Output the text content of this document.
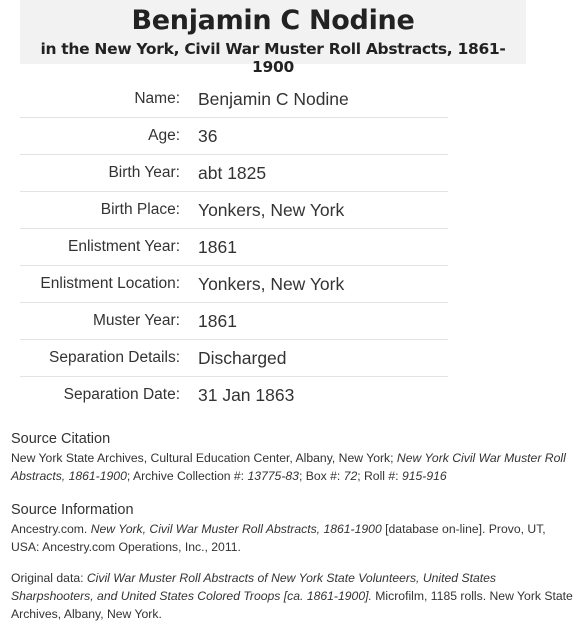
Benjamin C Nodine
in the New York, Civil War Muster Roll Abstracts, 1861-1900
Name:	Benjamin C Nodine
Age:	36
Birth Year:	abt 1825
Birth Place:	Yonkers, New York
Enlistment Year:	1861
Enlistment Location:	Yonkers, New York
Muster Year:	1861
Separation Details:	Discharged
Separation Date:	31 Jan 1863
Source Citation

New York State Archives, Cultural Education Center, Albany, New York; New York Civil War Muster Roll Abstracts, 1861-1900; Archive Collection #: 13775-83; Box #: 72; Roll #: 915-916

Source Information

Ancestry.com. New York, Civil War Muster Roll Abstracts, 1861-1900 [database on-line]. Provo, UT, USA: Ancestry.com Operations, Inc., 2011.

Original data: Civil War Muster Roll Abstracts of New York State Volunteers, United States Sharpshooters, and United States Colored Troops [ca. 1861-1900]. Microfilm, 1185 rolls. New York State Archives, Albany, New York.
